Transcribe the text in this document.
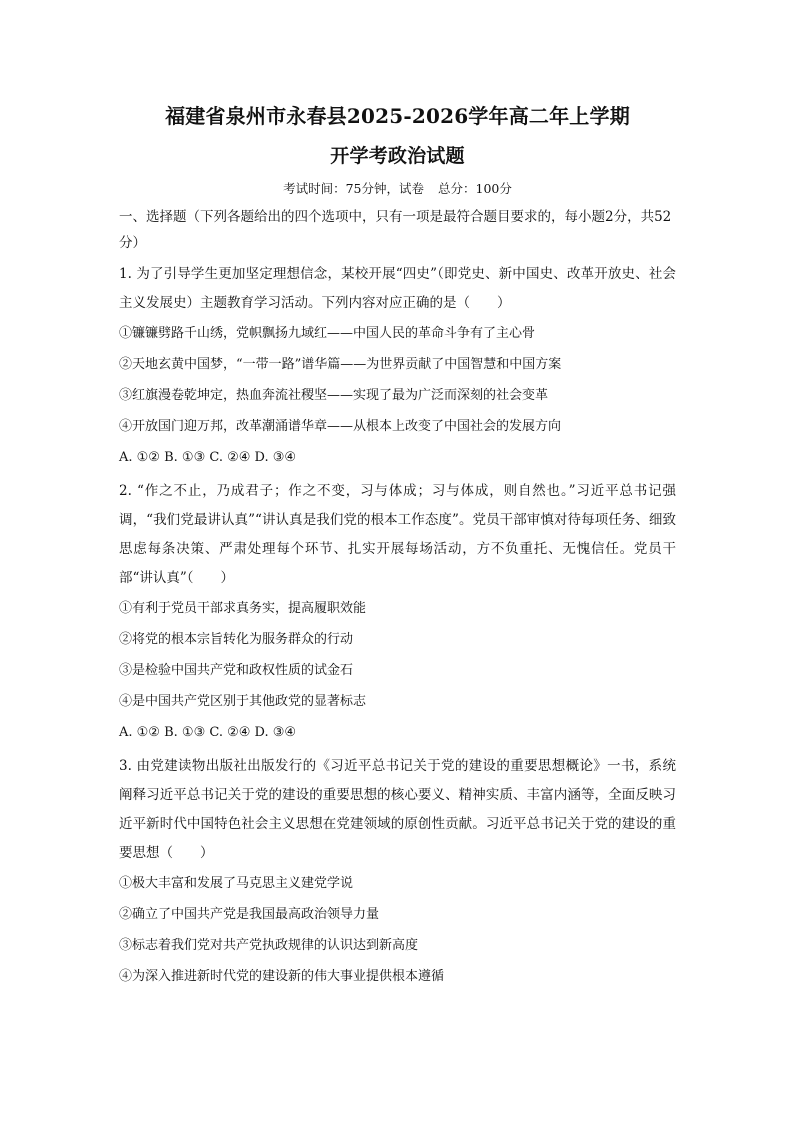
福建省泉州市永春县2025-2026学年高二年上学期
开学考政治试题
考试时间：75分钟，试卷 总分：100分
一、选择题（下列各题给出的四个选项中，只有一项是最符合题目要求的，每小题2分，共52分）
1. 为了引导学生更加坚定理想信念，某校开展“四史”（即党史、新中国史、改革开放史、社会主义发展史）主题教育学习活动。下列内容对应正确的是（　　）
①镰镰劈路千山绣，党帜飘扬九域红——中国人民的革命斗争有了主心骨
②天地玄黄中国梦，“一带一路”谱华篇——为世界贡献了中国智慧和中国方案
③红旗漫卷乾坤定，热血奔流社稷坚——实现了最为广泛而深刻的社会变革
④开放国门迎万邦，改革潮涌谱华章——从根本上改变了中国社会的发展方向
A. ①② B. ①③ C. ②④ D. ③④
2. “作之不止，乃成君子；作之不变，习与体成；习与体成，则自然也。”习近平总书记强调，“我们党最讲认真”“讲认真是我们党的根本工作态度”。党员干部审慎对待每项任务、细致思虑每条决策、严肃处理每个环节、扎实开展每场活动，方不负重托、无愧信任。党员干部“讲认真”（　　）
①有利于党员干部求真务实，提高履职效能
②将党的根本宗旨转化为服务群众的行动
③是检验中国共产党和政权性质的试金石
④是中国共产党区别于其他政党的显著标志
A. ①② B. ①③ C. ②④ D. ③④
3. 由党建读物出版社出版发行的《习近平总书记关于党的建设的重要思想概论》一书，系统阐释习近平总书记关于党的建设的重要思想的核心要义、精神实质、丰富内涵等，全面反映习近平新时代中国特色社会主义思想在党建领域的原创性贡献。习近平总书记关于党的建设的重要思想（　　）
①极大丰富和发展了马克思主义建党学说
②确立了中国共产党是我国最高政治领导力量
③标志着我们党对共产党执政规律的认识达到新高度
④为深入推进新时代党的建设新的伟大事业提供根本遵循
